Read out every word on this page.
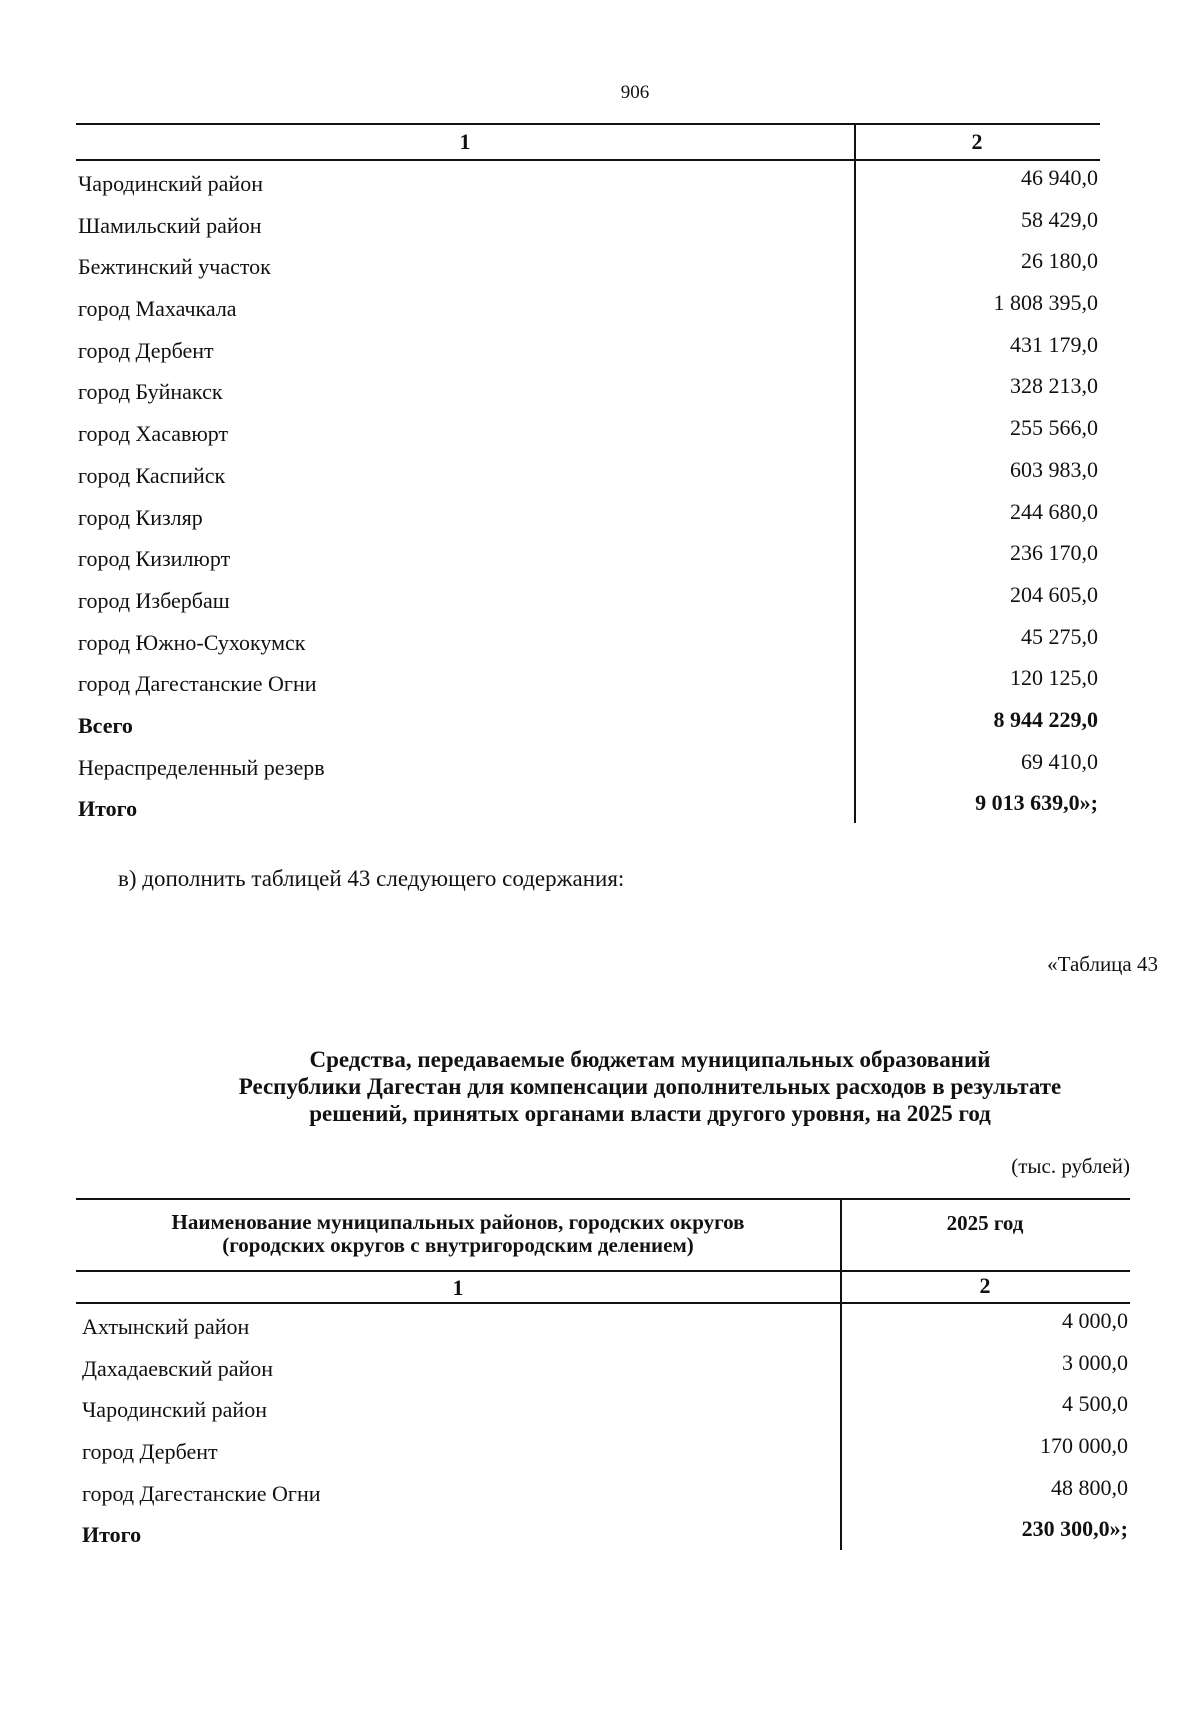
906
1	2
Чародинский район	46 940,0
Шамильский район	58 429,0
Бежтинский участок	26 180,0
город Махачкала	1 808 395,0
город Дербент	431 179,0
город Буйнакск	328 213,0
город Хасавюрт	255 566,0
город Каспийск	603 983,0
город Кизляр	244 680,0
город Кизилюрт	236 170,0
город Избербаш	204 605,0
город Южно-Сухокумск	45 275,0
город Дагестанские Огни	120 125,0
Всего	8 944 229,0
Нераспределенный резерв	69 410,0
Итого	9 013 639,0»;
в) дополнить таблицей 43 следующего содержания:
«Таблица 43
Средства, передаваемые бюджетам муниципальных образований
Республики Дагестан для компенсации дополнительных расходов в результате
решений, принятых органами власти другого уровня, на 2025 год
(тыс. рублей)
Наименование муниципальных районов, городских округов
(городских округов с внутригородским делением)
2025 год
1	2
Ахтынский район	4 000,0
Дахадаевский район	3 000,0
Чародинский район	4 500,0
город Дербент	170 000,0
город Дагестанские Огни	48 800,0
Итого	230 300,0»;
